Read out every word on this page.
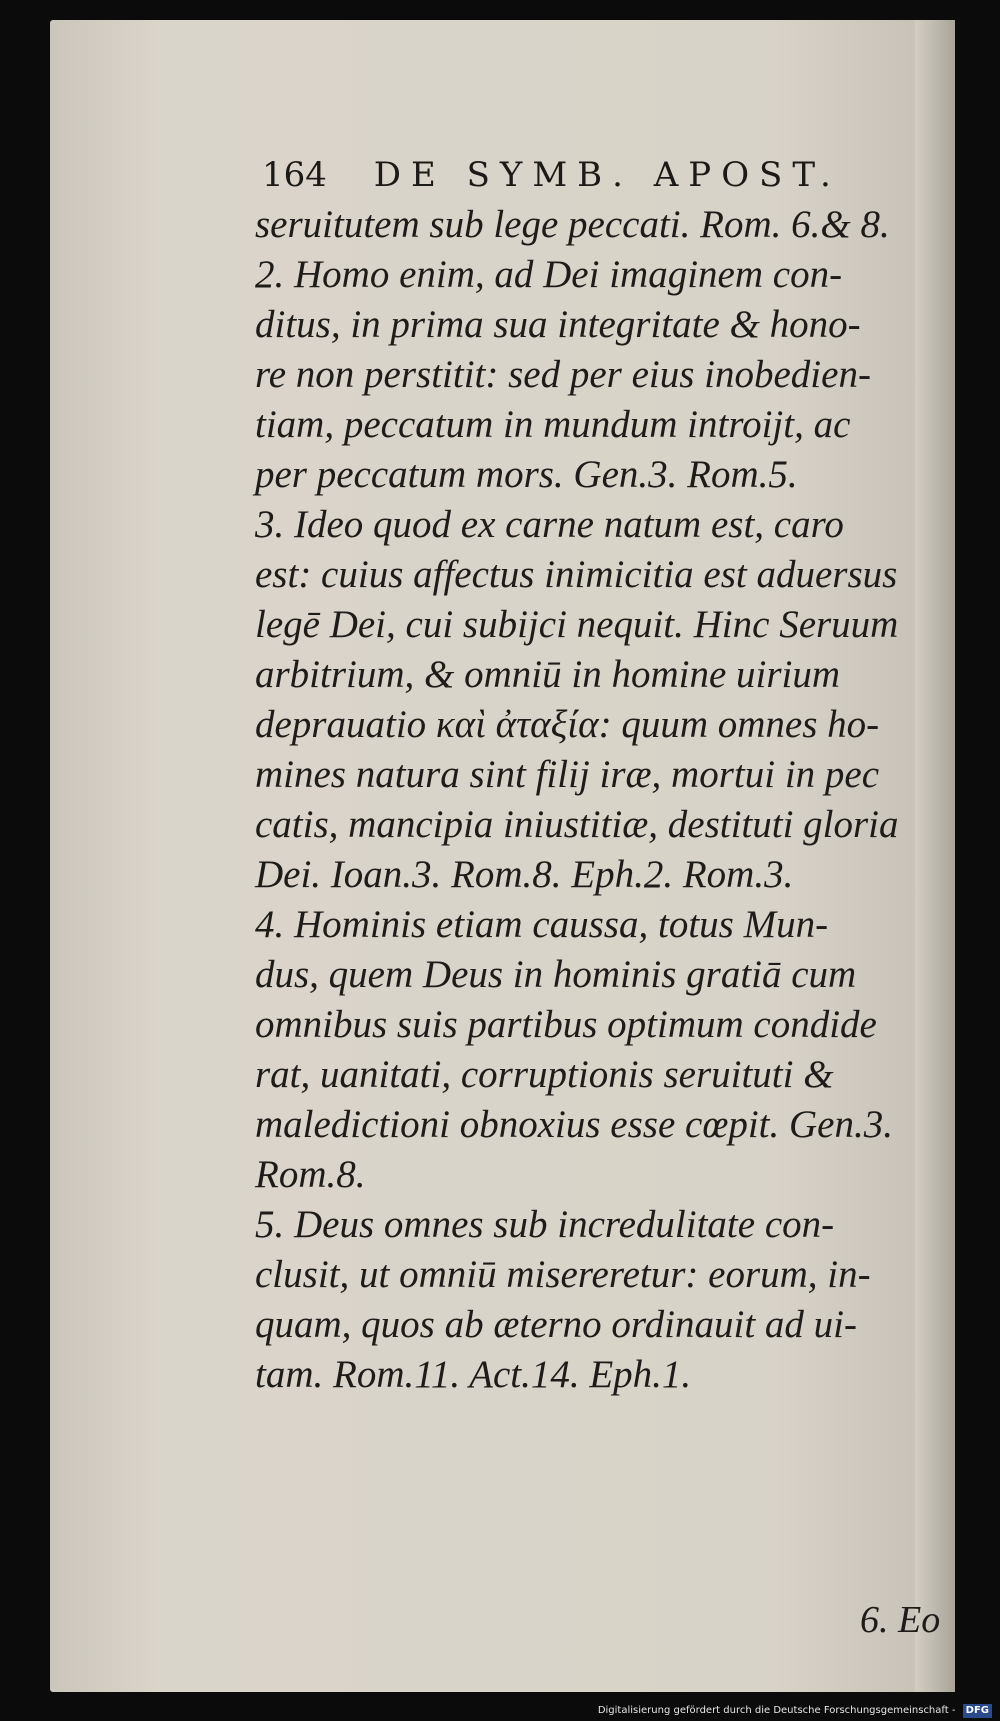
164 DE SYMB. APOST.
seruitutem sub lege peccati. Rom. 6.& 8.
2. Homo enim, ad Dei imaginem con-
ditus, in prima sua integritate & hono-
re non perstitit: sed per eius inobedien-
tiam, peccatum in mundum introijt, ac
per peccatum mors. Gen.3. Rom.5.
3. Ideo quod ex carne natum est, caro
est: cuius affectus inimicitia est aduersus
legē Dei, cui subijci nequit. Hinc Seruum
arbitrium, & omniū in homine uirium
deprauatio καὶ ἀταξία: quum omnes ho-
mines natura sint filij iræ, mortui in pec
catis, mancipia iniustitiæ, destituti gloria
Dei. Ioan.3. Rom.8. Eph.2. Rom.3.
4. Hominis etiam caussa, totus Mun-
dus, quem Deus in hominis gratiā cum
omnibus suis partibus optimum condide
rat, uanitati, corruptionis seruituti &
maledictioni obnoxius esse cœpit. Gen.3.
Rom.8.
5. Deus omnes sub incredulitate con-
clusit, ut omniū misereretur: eorum, in-
quam, quos ab æterno ordinauit ad ui-
tam. Rom.11. Act.14. Eph.1.
6. Eo
Digitalisierung gefördert durch die Deutsche Forschungsgemeinschaft - DFG
